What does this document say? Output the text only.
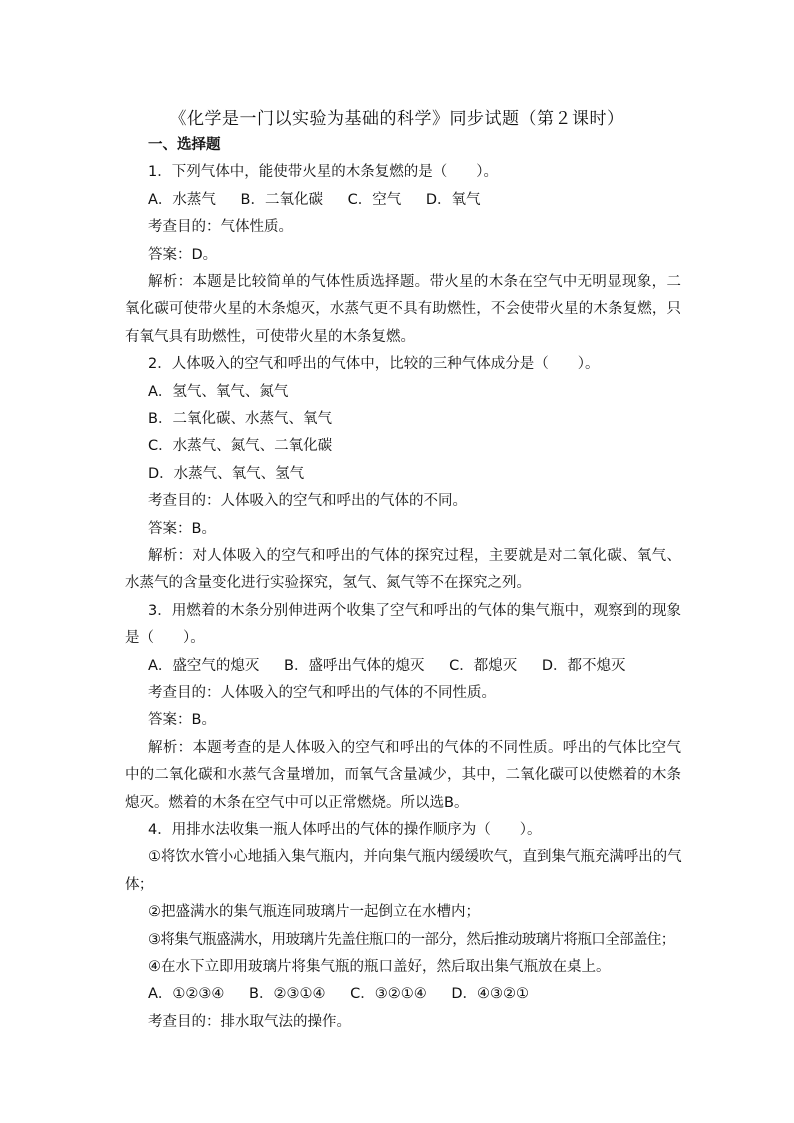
《化学是一门以实验为基础的科学》同步试题（第２课时）
一、选择题
1．下列气体中，能使带火星的木条复燃的是（　　）。
A．水蒸气 B．二氧化碳 C．空气 D．氧气
考查目的：气体性质。
答案：D。
解析：本题是比较简单的气体性质选择题。带火星的木条在空气中无明显现象，二氧化碳可使带火星的木条熄灭，水蒸气更不具有助燃性，不会使带火星的木条复燃，只有氧气具有助燃性，可使带火星的木条复燃。
2．人体吸入的空气和呼出的气体中，比较的三种气体成分是（　　）。
A．氢气、氧气、氮气
B．二氧化碳、水蒸气、氧气
C．水蒸气、氮气、二氧化碳
D．水蒸气、氧气、氢气
考查目的：人体吸入的空气和呼出的气体的不同。
答案：B。
解析：对人体吸入的空气和呼出的气体的探究过程，主要就是对二氧化碳、氧气、水蒸气的含量变化进行实验探究，氢气、氮气等不在探究之列。
3．用燃着的木条分别伸进两个收集了空气和呼出的气体的集气瓶中，观察到的现象是（　　）。
A．盛空气的熄灭 B．盛呼出气体的熄灭 C．都熄灭 D．都不熄灭
考查目的：人体吸入的空气和呼出的气体的不同性质。
答案：B。
解析：本题考查的是人体吸入的空气和呼出的气体的不同性质。呼出的气体比空气中的二氧化碳和水蒸气含量增加，而氧气含量减少，其中，二氧化碳可以使燃着的木条熄灭。燃着的木条在空气中可以正常燃烧。所以选B。
4．用排水法收集一瓶人体呼出的气体的操作顺序为（　　）。
①将饮水管小心地插入集气瓶内，并向集气瓶内缓缓吹气，直到集气瓶充满呼出的气体；
②把盛满水的集气瓶连同玻璃片一起倒立在水槽内；
③将集气瓶盛满水，用玻璃片先盖住瓶口的一部分，然后推动玻璃片将瓶口全部盖住；
④在水下立即用玻璃片将集气瓶的瓶口盖好，然后取出集气瓶放在桌上。
A．①②③④ B．②③①④ C．③②①④ D．④③②①
考查目的：排水取气法的操作。
